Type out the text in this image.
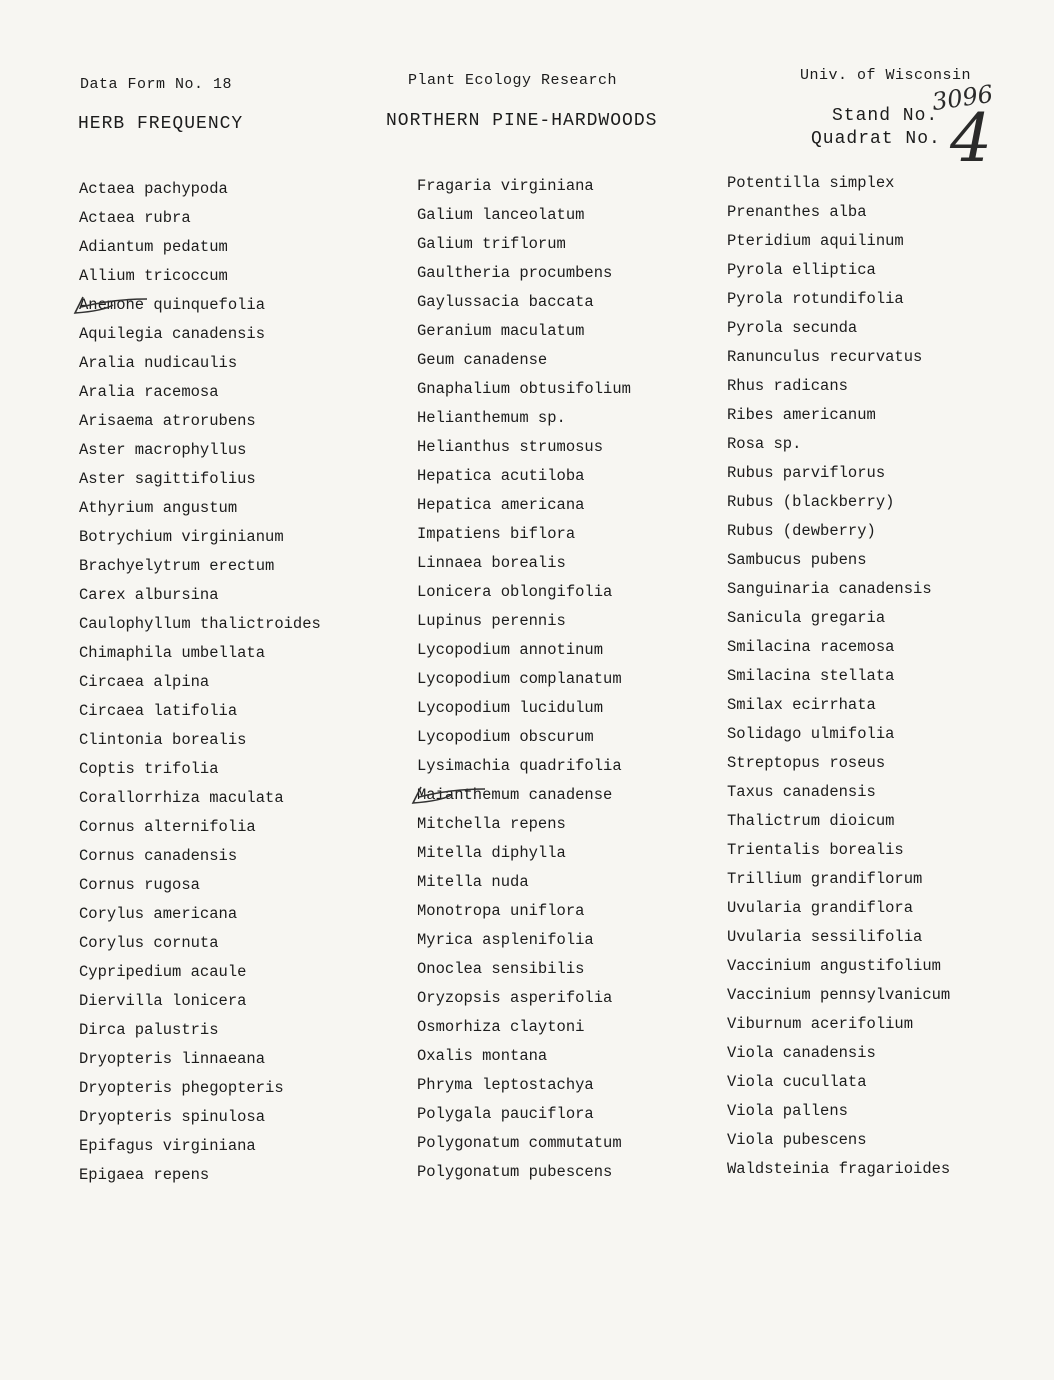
Data Form No. 18	Plant Ecology Research	Univ. of Wisconsin
HERB FREQUENCY	NORTHERN PINE-HARDWOODS	Stand No.
Quadrat No.
3096
4
Actaea pachypoda
Actaea rubra
Adiantum pedatum
Allium tricoccum
Anemone quinquefolia
Aquilegia canadensis
Aralia nudicaulis
Aralia racemosa
Arisaema atrorubens
Aster macrophyllus
Aster sagittifolius
Athyrium angustum
Botrychium virginianum
Brachyelytrum erectum
Carex albursina
Caulophyllum thalictroides
Chimaphila umbellata
Circaea alpina
Circaea latifolia
Clintonia borealis
Coptis trifolia
Corallorrhiza maculata
Cornus alternifolia
Cornus canadensis
Cornus rugosa
Corylus americana
Corylus cornuta
Cypripedium acaule
Diervilla lonicera
Dirca palustris
Dryopteris linnaeana
Dryopteris phegopteris
Dryopteris spinulosa
Epifagus virginiana
Epigaea repens
Fragaria virginiana
Galium lanceolatum
Galium triflorum
Gaultheria procumbens
Gaylussacia baccata
Geranium maculatum
Geum canadense
Gnaphalium obtusifolium
Helianthemum sp.
Helianthus strumosus
Hepatica acutiloba
Hepatica americana
Impatiens biflora
Linnaea borealis
Lonicera oblongifolia
Lupinus perennis
Lycopodium annotinum
Lycopodium complanatum
Lycopodium lucidulum
Lycopodium obscurum
Lysimachia quadrifolia
Maianthemum canadense
Mitchella repens
Mitella diphylla
Mitella nuda
Monotropa uniflora
Myrica asplenifolia
Onoclea sensibilis
Oryzopsis asperifolia
Osmorhiza claytoni
Oxalis montana
Phryma leptostachya
Polygala pauciflora
Polygonatum commutatum
Polygonatum pubescens
Potentilla simplex
Prenanthes alba
Pteridium aquilinum
Pyrola elliptica
Pyrola rotundifolia
Pyrola secunda
Ranunculus recurvatus
Rhus radicans
Ribes americanum
Rosa sp.
Rubus parviflorus
Rubus (blackberry)
Rubus (dewberry)
Sambucus pubens
Sanguinaria canadensis
Sanicula gregaria
Smilacina racemosa
Smilacina stellata
Smilax ecirrhata
Solidago ulmifolia
Streptopus roseus
Taxus canadensis
Thalictrum dioicum
Trientalis borealis
Trillium grandiflorum
Uvularia grandiflora
Uvularia sessilifolia
Vaccinium angustifolium
Vaccinium pennsylvanicum
Viburnum acerifolium
Viola canadensis
Viola cucullata
Viola pallens
Viola pubescens
Waldsteinia fragarioides
